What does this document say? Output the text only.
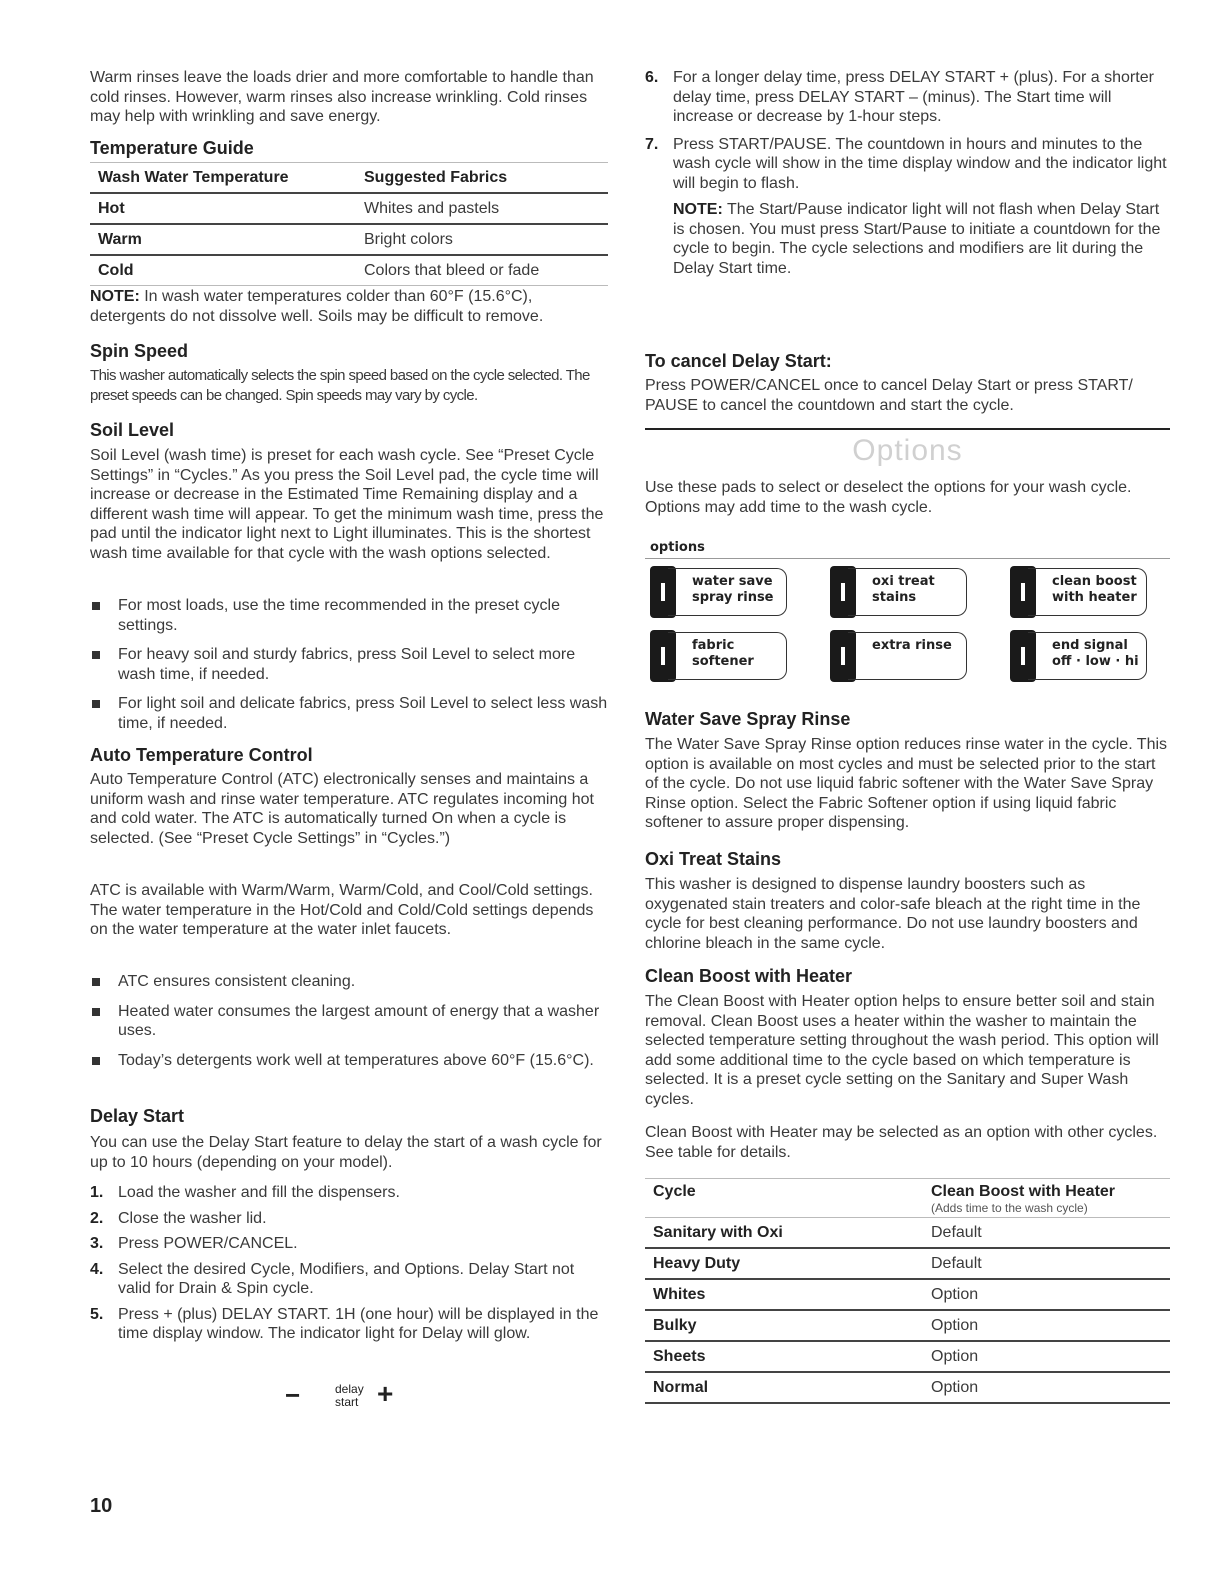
Warm rinses leave the loads drier and more comfortable to handle than cold rinses. However, warm rinses also increase wrinkling. Cold rinses may help with wrinkling and save energy.

Temperature Guide
Wash Water Temperature	Suggested Fabrics
Hot	Whites and pastels
Warm	Bright colors
Cold	Colors that bleed or fade

NOTE: In wash water temperatures colder than 60°F (15.6°C), detergents do not dissolve well. Soils may be difficult to remove.

Spin Speed

This washer automatically selects the spin speed based on the cycle selected. The preset speeds can be changed. Spin speeds may vary by cycle.

Soil Level

Soil Level (wash time) is preset for each wash cycle. See “Preset Cycle Settings” in “Cycles.” As you press the Soil Level pad, the cycle time will increase or decrease in the Estimated Time Remaining display and a different wash time will appear. To get the minimum wash time, press the pad until the indicator light next to Light illuminates. This is the shortest wash time available for that cycle with the wash options selected.

For most loads, use the time recommended in the preset cycle settings.
For heavy soil and sturdy fabrics, press Soil Level to select more wash time, if needed.
For light soil and delicate fabrics, press Soil Level to select less wash time, if needed.
Auto Temperature Control

Auto Temperature Control (ATC) electronically senses and maintains a uniform wash and rinse water temperature. ATC regulates incoming hot and cold water. The ATC is automatically turned On when a cycle is selected. (See “Preset Cycle Settings” in “Cycles.”)

ATC is available with Warm/Warm, Warm/Cold, and Cool/Cold settings. The water temperature in the Hot/Cold and Cold/Cold settings depends on the water temperature at the water inlet faucets.

ATC ensures consistent cleaning.
Heated water consumes the largest amount of energy that a washer uses.
Today’s detergents work well at temperatures above 60°F (15.6°C).
Delay Start

You can use the Delay Start feature to delay the start of a wash cycle for up to 10 hours (depending on your model).

1. Load the washer and fill the dispensers.
2. Close the washer lid.
3. Press POWER/CANCEL.
4. Select the desired Cycle, Modifiers, and Options. Delay Start not valid for Drain & Spin cycle.
5. Press + (plus) DELAY START. 1H (one hour) will be displayed in the time display window. The indicator light for Delay will glow.
−	delay
start +
6. For a longer delay time, press DELAY START + (plus). For a shorter delay time, press DELAY START – (minus). The Start time will increase or decrease by 1-hour steps.
7. Press START/PAUSE. The countdown in hours and minutes to the wash cycle will show in the time display window and the indicator light will begin to flash.

NOTE: The Start/Pause indicator light will not flash when Delay Start is chosen. You must press Start/Pause to initiate a countdown for the cycle to begin. The cycle selections and modifiers are lit during the Delay Start time.

To cancel Delay Start:

Press POWER/CANCEL once to cancel Delay Start or press START/ PAUSE to cancel the countdown and start the cycle.

Options

Use these pads to select or deselect the options for your wash cycle. Options may add time to the wash cycle.

options
water save
spray rinse
oxi treat
stains
clean boost
with heater
fabric
softener
extra rinse	end signal
off · low · hi
Water Save Spray Rinse

The Water Save Spray Rinse option reduces rinse water in the cycle. This option is available on most cycles and must be selected prior to the start of the cycle. Do not use liquid fabric softener with the Water Save Spray Rinse option. Select the Fabric Softener option if using liquid fabric softener to assure proper dispensing.

Oxi Treat Stains

This washer is designed to dispense laundry boosters such as oxygenated stain treaters and color-safe bleach at the right time in the cycle for best cleaning performance. Do not use laundry boosters and chlorine bleach in the same cycle.

Clean Boost with Heater

The Clean Boost with Heater option helps to ensure better soil and stain removal. Clean Boost uses a heater within the washer to maintain the selected temperature setting throughout the wash period. This option will add some additional time to the cycle based on which temperature is selected. It is a preset cycle setting on the Sanitary and Super Wash cycles.

Clean Boost with Heater may be selected as an option with other cycles. See table for details.

Cycle	Clean Boost with Heater
(Adds time to the wash cycle)

Sanitary with Oxi	Default
Heavy Duty	Default
Whites	Option
Bulky	Option
Sheets	Option
Normal	Option
10
